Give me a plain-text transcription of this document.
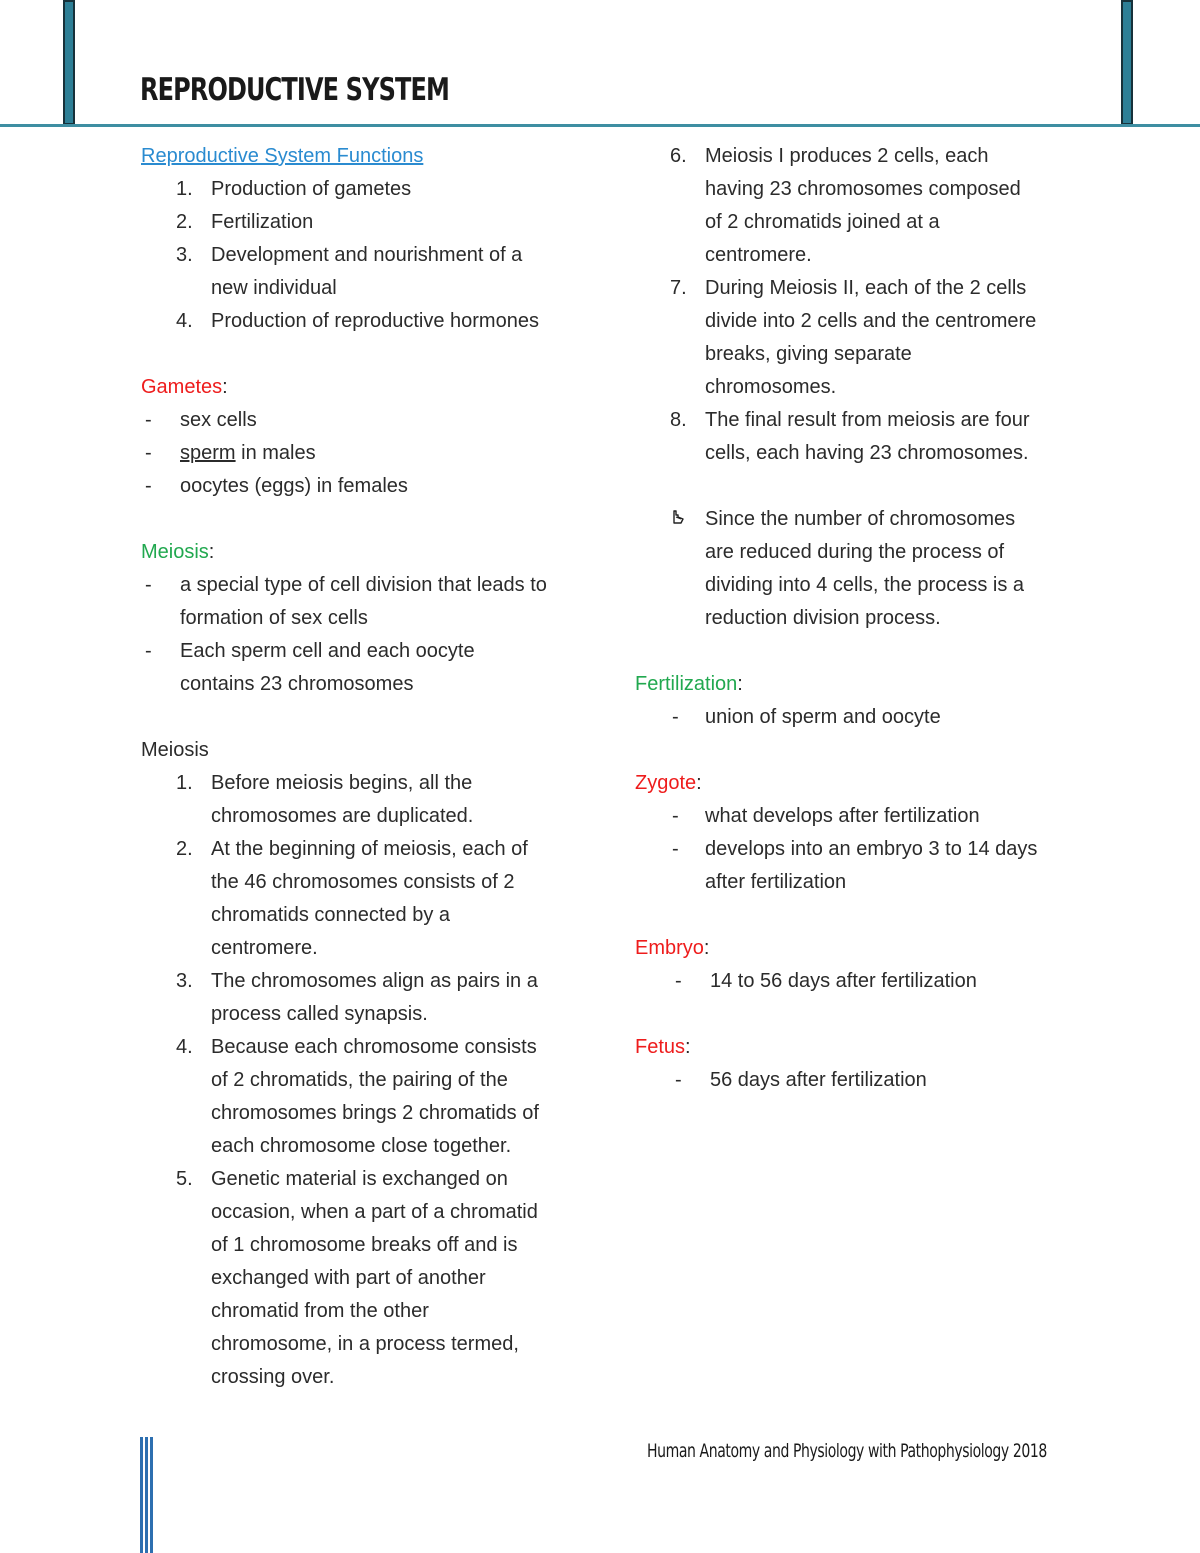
REPRODUCTIVE SYSTEM
Reproductive System Functions
1. Production of gametes
2. Fertilization
3. Development and nourishment of a
new individual
4. Production of reproductive hormones
Gametes:
- sex cells
- sperm in males
- oocytes (eggs) in females
Meiosis:
- a special type of cell division that leads to
formation of sex cells
- Each sperm cell and each oocyte
contains 23 chromosomes
Meiosis
1. Before meiosis begins, all the
chromosomes are duplicated.
2. At the beginning of meiosis, each of
the 46 chromosomes consists of 2
chromatids connected by a
centromere.
3. The chromosomes align as pairs in a
process called synapsis.
4. Because each chromosome consists
of 2 chromatids, the pairing of the
chromosomes brings 2 chromatids of
each chromosome close together.
5. Genetic material is exchanged on
occasion, when a part of a chromatid
of 1 chromosome breaks off and is
exchanged with part of another
chromatid from the other
chromosome, in a process termed,
crossing over.
6. Meiosis I produces 2 cells, each
having 23 chromosomes composed
of 2 chromatids joined at a
centromere.
7. During Meiosis II, each of the 2 cells
divide into 2 cells and the centromere
breaks, giving separate
chromosomes.
8. The final result from meiosis are four
cells, each having 23 chromosomes.
Since the number of chromosomes
are reduced during the process of
dividing into 4 cells, the process is a
reduction division process.
Fertilization:
- union of sperm and oocyte
Zygote:
- what develops after fertilization
- develops into an embryo 3 to 14 days
after fertilization
Embryo:
- 14 to 56 days after fertilization
Fetus:
- 56 days after fertilization
Human Anatomy and Physiology with Pathophysiology 2018
